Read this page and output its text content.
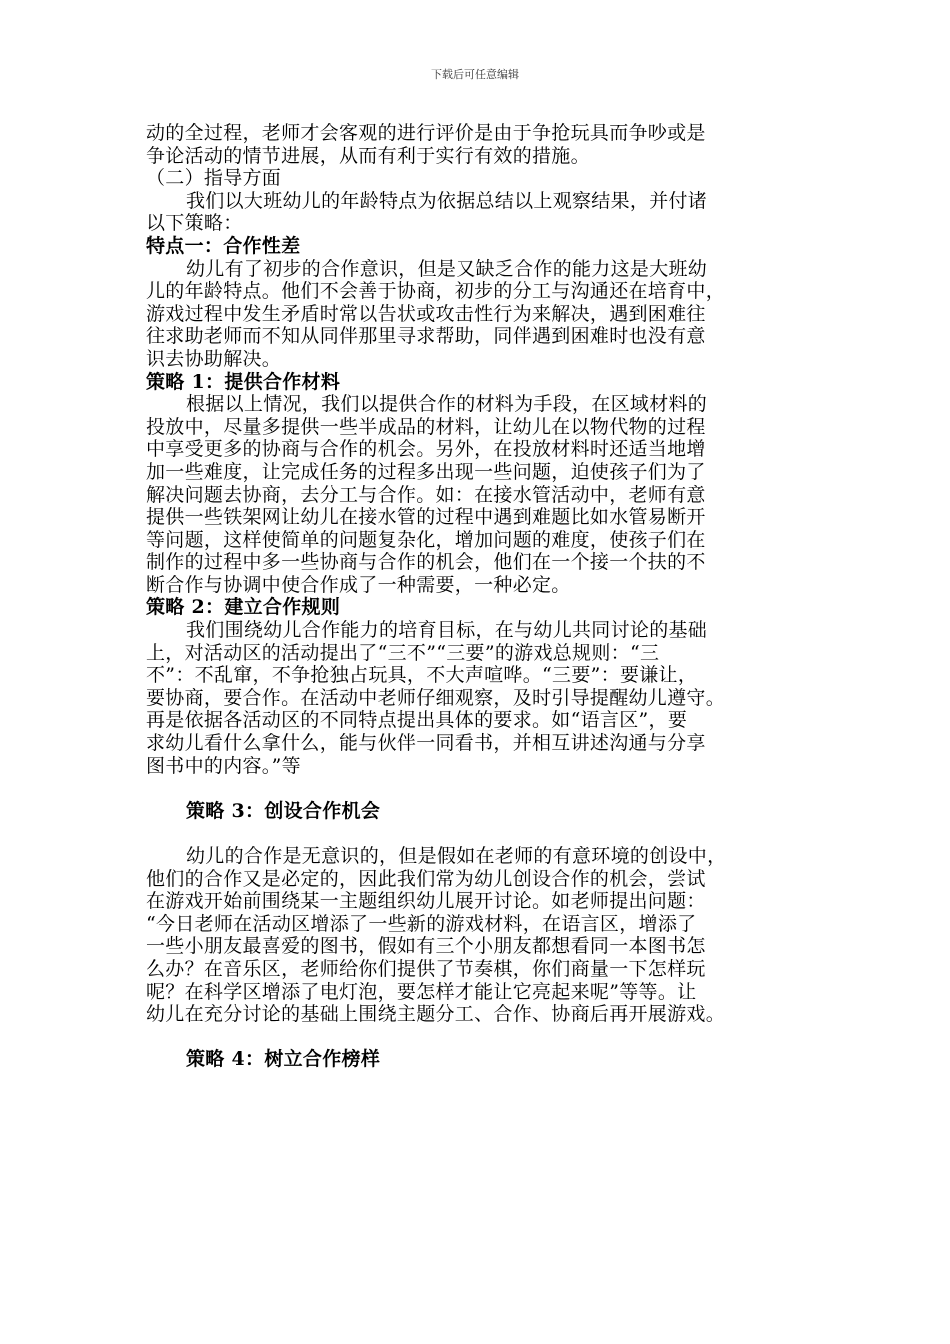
下载后可任意编辑
动的全过程，老师才会客观的进行评价是由于争抢玩具而争吵或是
争论活动的情节进展，从而有利于实行有效的措施。
（二）指导方面
我们以大班幼儿的年龄特点为依据总结以上观察结果，并付诸
以下策略：
特点一：合作性差
幼儿有了初步的合作意识，但是又缺乏合作的能力这是大班幼
儿的年龄特点。他们不会善于协商，初步的分工与沟通还在培育中，
游戏过程中发生矛盾时常以告状或攻击性行为来解决，遇到困难往
往求助老师而不知从同伴那里寻求帮助，同伴遇到困难时也没有意
识去协助解决。
策略 1：提供合作材料
根据以上情况，我们以提供合作的材料为手段，在区域材料的
投放中，尽量多提供一些半成品的材料，让幼儿在以物代物的过程
中享受更多的协商与合作的机会。另外，在投放材料时还适当地增
加一些难度，让完成任务的过程多出现一些问题，迫使孩子们为了
解决问题去协商，去分工与合作。如：在接水管活动中，老师有意
提供一些铁架网让幼儿在接水管的过程中遇到难题比如水管易断开
等问题，这样使简单的问题复杂化，增加问题的难度，使孩子们在
制作的过程中多一些协商与合作的机会，他们在一个接一个扶的不
断合作与协调中使合作成了一种需要，一种必定。
策略 2：建立合作规则
我们围绕幼儿合作能力的培育目标，在与幼儿共同讨论的基础
上，对活动区的活动提出了“三不”“三要”的游戏总规则：“三
不”：不乱窜，不争抢独占玩具，不大声喧哗。“三要”：要谦让，
要协商，要合作。在活动中老师仔细观察，及时引导提醒幼儿遵守。
再是依据各活动区的不同特点提出具体的要求。如“语言区”，要
求幼儿看什么拿什么，能与伙伴一同看书，并相互讲述沟通与分享
图书中的内容。”等
策略 3：创设合作机会
幼儿的合作是无意识的，但是假如在老师的有意环境的创设中，
他们的合作又是必定的，因此我们常为幼儿创设合作的机会，尝试
在游戏开始前围绕某一主题组织幼儿展开讨论。如老师提出问题：
“今日老师在活动区增添了一些新的游戏材料，在语言区，增添了
一些小朋友最喜爱的图书，假如有三个小朋友都想看同一本图书怎
么办？在音乐区，老师给你们提供了节奏棋，你们商量一下怎样玩
呢？在科学区增添了电灯泡，要怎样才能让它亮起来呢”等等。让
幼儿在充分讨论的基础上围绕主题分工、合作、协商后再开展游戏。
策略 4：树立合作榜样
